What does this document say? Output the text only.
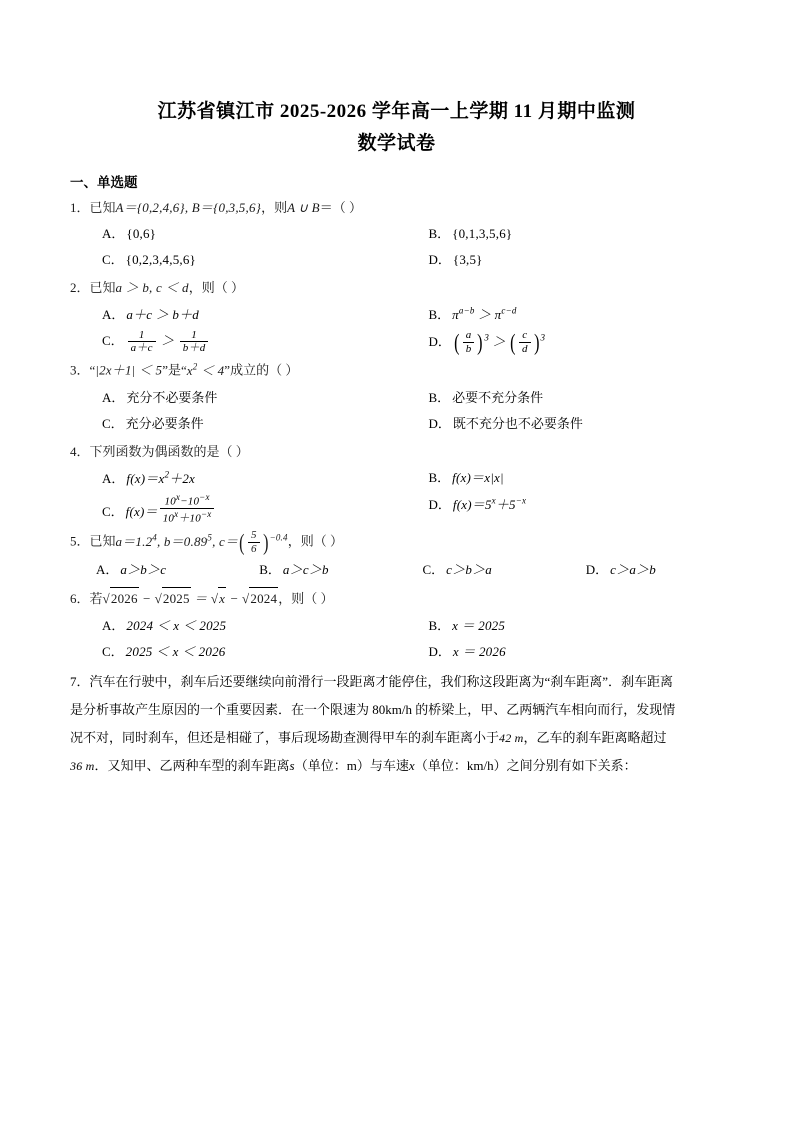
江苏省镇江市 2025-2026 学年高一上学期 11 月期中监测
数学试卷
一、单选题
1．已知A＝{0,2,4,6}, B＝{0,3,5,6}，则A ∪ B＝（ ）
A． {0,6}	B． {0,1,3,5,6}
C． {0,2,3,4,5,6}	D． {3,5}
2．已知a ＞ b, c ＜ d，则（ ）
A． a＋c ＞ b＋d	B． $\pi^{a-b} > \pi^{c-d}$
C． $\frac{1}{a+c} > \frac{1}{b+d}$	D． ( $\frac{a}{b} )^3$ ＞ ( $\frac{c}{d} )^3$
3．“|2x＋1| ＜ 5”是“$x^2 < 4$”成立的（ ）
A． 充分不必要条件	B． 必要不充分条件
C． 充分必要条件	D． 既不充分也不必要条件
4．下列函数为偶函数的是（ ）
A． $f(x)=x^2+2x$	B． f(x)＝x|x|
C． $f(x)= \frac{10^x-10^{-x}}{10^x+10^{-x}}$	D． $f(x)=5^x+5^{-x}$
5．已知$a=1.2^4$, $b=0.89^5$, $c=( \frac{5}{6} )^{-0.4}$，则（ ）
A． a＞b＞c	B． a＞c＞b	C． c＞b＞a	D． c＞a＞b
6．若√2026 − √2025 ＝ √x − √2024，则（ ）
A． 2024 ＜ x ＜ 2025	B． x ＝ 2025
C． 2025 ＜ x ＜ 2026	D． x ＝ 2026
7．汽车在行驶中，刹车后还要继续向前滑行一段距离才能停住，我们称这段距离为“刹车距离”．刹车距离
是分析事故产生原因的一个重要因素．在一个限速为 80km/h 的桥梁上，甲、乙两辆汽车相向而行，发现情
况不对，同时刹车，但还是相碰了，事后现场勘查测得甲车的刹车距离小于42 m，乙车的刹车距离略超过
36 m．又知甲、乙两种车型的刹车距离s（单位：m）与车速x（单位：km/h）之间分别有如下关系：
